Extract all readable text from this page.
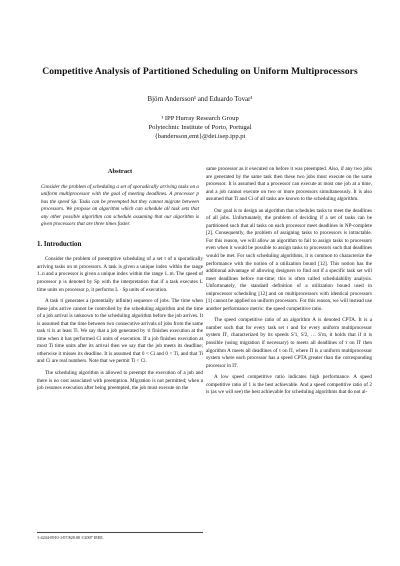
Competitive Analysis of Partitioned Scheduling on Uniform Multiprocessors
Björn Andersson¹ and Eduardo Tovar¹
¹ IPP Hurray Research Group
Polytechnic Institute of Porto, Portugal
{bandersson,emt}@dei.isep.ipp.pt
Abstract
Consider the problem of scheduling a set of sporadically arriving tasks on a uniform multiprocessor with the goal of meeting deadlines. A processor p has the speed Sp. Tasks can be preempted but they cannot migrate between processors. We propose an algorithm which can schedule all task sets that any other possible algorithm can schedule assuming that our algorithm is given processors that are three times faster.
1. Introduction

Consider the problem of preemptive scheduling of a set τ of n sporadically arriving tasks on m processors. A task is given a unique index within the range 1..n and a processor is given a unique index within the range 1..m. The speed of processor p is denoted by Sp with the interpretation that if a task executes L time units on processor p, it performs L · Sp units of execution.

A task τi generates a (potentially infinite) sequence of jobs. The time when these jobs arrive cannot be controlled by the scheduling algorithm and the time of a job arrival is unknown to the scheduling algorithm before the job arrives. It is assumed that the time between two consecutive arrivals of jobs from the same task τi is at least Ti. We say that a job generated by τi finishes execution at the time when it has performed Ci units of execution. If a job finishes execution at most Ti time units after its arrival then we say that the job meets its deadline; otherwise it misses its deadline. It is assumed that 0 < Ci and 0 < Ti, and that Ti and Ci are real numbers. Note that we permit Ti < Ci.

The scheduling algorithm is allowed to preempt the execution of a job and there is no cost associated with preemption. Migration is not permitted; when a job resumes execution after being preempted, the job must execute on the

same processor as it executed on before it was preempted. Also, if any two jobs are generated by the same task then these two jobs must execute on the same processor. It is assumed that a processor can execute at most one job at a time, and a job cannot execute on two or more processors simultaneously. It is also assumed that Ti and Ci of all tasks are known to the scheduling algorithm.

Our goal is to design an algorithm that schedules tasks to meet the deadlines of all jobs. Unfortunately, the problem of deciding if a set of tasks can be partitioned such that all tasks on each processor meet deadlines in NP-complete [2]. Consequently, the problem of assigning tasks to processors is intractable. For this reason, we will allow an algorithm to fail to assign tasks to processors even when it would be possible to assign tasks to processors such that deadlines would be met. For such scheduling algorithms, it is common to characterize the performance with the notion of a utilization bound [12]. This notion has the additional advantage of allowing designers to find out if a specific task set will meet deadlines before run-time; this is often called schedulability analysis. Unfortunately, the standard definition of a utilization bound used in uniprocessor scheduling [12] and on multiprocessors with identical processors [1] cannot be applied on uniform processors. For this reason, we will instead use another performance metric: the speed competitive ratio.

The speed competitive ratio of an algorithm A is denoted CPTA. It is a number such that for every task set τ and for every uniform multiprocessor system Π', characterized by its speeds S'1, S'2, … S'm, it holds that if it is possible (using migration if necessary) to meets all deadlines of τ on Π' then algorithm A meets all deadlines of τ on Π, where Π is a uniform multiprocessor system where each processor has a speed CPTA greater than the corresponding processor in Π'.

A low speed competitive ratio indicates high performance. A speed competitive ratio of 1 is the best achievable. And a speed competitive ratio of 2 is (as we will see) the best achievable for scheduling algorithms that do not al-

1-4244-0910-1/07/$20.00 ©2007 IEEE.
